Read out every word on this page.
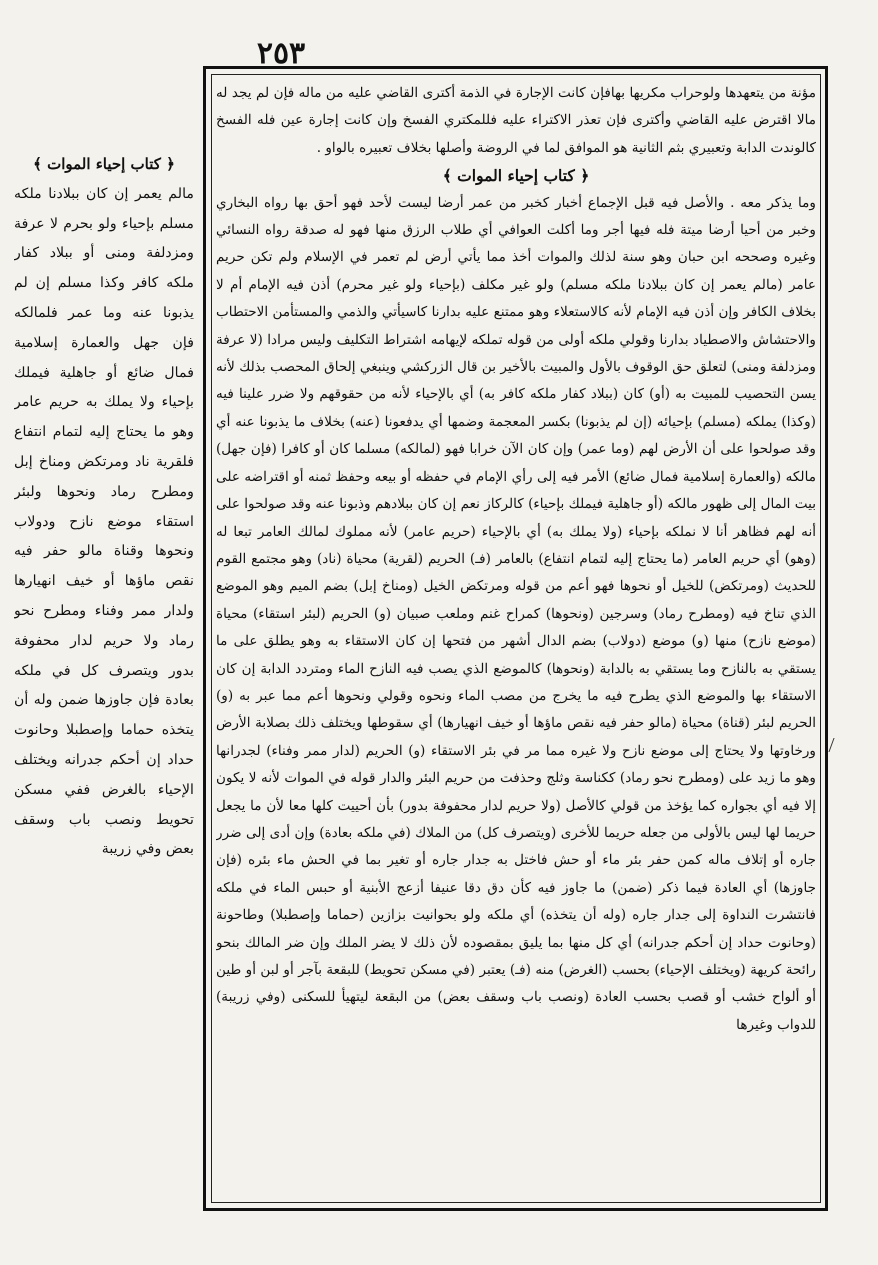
٢٥٣

﴿ كتاب إحياء الموات ﴾

مالم يعمر إن كان ببلادنا ملكه مسلم بإحياء ولو بحرم لا عرفة ومزدلفة ومنى أو ببلاد كفار ملكه كافر وكذا مسلم إن لم يذبونا عنه وما عمر فلمالكه فإن جهل والعمارة إسلامية فمال ضائع أو جاهلية فيملك بإحياء ولا يملك به حريم عامر وهو ما يحتاج إليه لتمام انتفاع فلقرية ناد ومرتكض ومناخ إبل ومطرح رماد ونحوها ولبئر استقاء موضع نازح ودولاب ونحوها وقناة مالو حفر فيه نقص ماؤها أو خيف انهيارها ولدار ممر وفناء ومطرح نحو رماد ولا حريم لدار محفوفة بدور ويتصرف كل في ملكه بعادة فإن جاوزها ضمن وله أن يتخذه حماما وإصطبلا وحانوت حداد إن أحكم جدرانه ويختلف الإحياء بالغرض ففي مسكن تحويط ونصب باب وسقف بعض وفي زريبة

مؤنة من يتعهدها ولوحراب مكريها بهافإن كانت الإجارة في الذمة أكترى القاضي عليه من ماله فإن لم يجد له مالا اقترض عليه القاضي وأكترى فإن تعذر الاكتراء عليه فللمكتري الفسخ وإن كانت إجارة عين فله الفسخ كالوندت الدابة وتعبيري بثم الثانية هو الموافق لما في الروضة وأصلها بخلاف تعبيره بالواو .

﴿ كتاب إحياء الموات ﴾

وما يذكر معه . والأصل فيه قبل الإجماع أخبار كخبر من عمر أرضا ليست لأحد فهو أحق بها رواه البخاري وخبر من أحيا أرضا ميتة فله فيها أجر وما أكلت العوافي أي طلاب الرزق منها فهو له صدقة رواه النسائي وغيره وصححه ابن حبان وهو سنة لذلك والموات أخذ مما يأتي أرض لم تعمر في الإسلام ولم تكن حريم عامر (مالم يعمر إن كان ببلادنا ملكه مسلم) ولو غير مكلف (بإحياء ولو غير محرم) أذن فيه الإمام أم لا بخلاف الكافر وإن أذن فيه الإمام لأنه كالاستعلاء وهو ممتنع عليه بدارنا كاسيأتي والذمي والمستأمن الاحتطاب والاحتشاش والاصطياد بدارنا وقولي ملكه أولى من قوله تملكه لإيهامه اشتراط التكليف وليس مرادا (لا عرفة ومزدلفة ومنى) لتعلق حق الوقوف بالأول والمبيت بالأخير بن قال الزركشي وينبغي إلحاق المحصب بذلك لأنه يسن التحصيب للمبيت به (أو) كان (ببلاد كفار ملكه كافر به) أي بالإحياء لأنه من حقوقهم ولا ضرر علينا فيه (وكذا) يملكه (مسلم) بإحيائه (إن لم يذبونا) بكسر المعجمة وضمها أي يدفعونا (عنه) بخلاف ما يذبونا عنه أي وقد صولحوا على أن الأرض لهم (وما عمر) وإن كان الآن خرابا فهو (لمالكه) مسلما كان أو كافرا (فإن جهل) مالكه (والعمارة إسلامية فمال ضائع) الأمر فيه إلى رأي الإمام في حفظه أو بيعه وحفظ ثمنه أو اقتراضه على بيت المال إلى ظهور مالكه (أو جاهلية فيملك بإحياء) كالركاز نعم إن كان ببلادهم وذبونا عنه وقد صولحوا على أنه لهم فظاهر أنا لا نملكه بإحياء (ولا يملك به) أي بالإحياء (حريم عامر) لأنه مملوك لمالك العامر تبعا له (وهو) أي حريم العامر (ما يحتاج إليه لتمام انتفاع) بالعامر (فـ) الحريم (لقرية) محياة (ناد) وهو مجتمع القوم للحديث (ومرتكض) للخيل أو نحوها فهو أعم من قوله ومرتكض الخيل (ومناخ إبل) بضم الميم وهو الموضع الذي تناخ فيه (ومطرح رماد) وسرجين (ونحوها) كمراح غنم وملعب صبيان (و) الحريم (لبئر استقاء) محياة (موضع نازح) منها (و) موضع (دولاب) بضم الدال أشهر من فتحها إن كان الاستقاء به وهو يطلق على ما يستقي به بالنازح وما يستقي به بالدابة (ونحوها) كالموضع الذي يصب فيه النازح الماء ومتردد الدابة إن كان الاستقاء بها والموضع الذي يطرح فيه ما يخرج من مصب الماء ونحوه وقولي ونحوها أعم مما عبر به (و) الحريم لبئر (قناة) محياة (مالو حفر فيه نقص ماؤها أو خيف انهيارها) أي سقوطها ويختلف ذلك بصلابة الأرض ورخاوتها ولا يحتاج إلى موضع نازح ولا غيره مما مر في بئر الاستقاء (و) الحريم (لدار ممر وفناء) لجدرانها وهو ما زيد على (ومطرح نحو رماد) ككناسة وثلج وحذفت من حريم البئر والدار قوله في الموات لأنه لا يكون إلا فيه أي بجواره كما يؤخذ من قولي كالأصل (ولا حريم لدار محفوفة بدور) بأن أحييت كلها معا لأن ما يجعل حريما لها ليس بالأولى من جعله حريما للأخرى (ويتصرف كل) من الملاك (في ملكه بعادة) وإن أدى إلى ضرر جاره أو إتلاف ماله كمن حفر بئر ماء أو حش فاختل به جدار جاره أو تغير بما في الحش ماء بئره (فإن جاوزها) أي العادة فيما ذكر (ضمن) ما جاوز فيه كأن دق دقا عنيفا أزعج الأبنية أو حبس الماء في ملكه فانتشرت النداوة إلى جدار جاره (وله أن يتخذه) أي ملكه ولو بحوانيت بزازين (حماما وإصطبلا) وطاحونة (وحانوت حداد إن أحكم جدرانه) أي كل منها بما يليق بمقصوده لأن ذلك لا يضر الملك وإن ضر المالك بنحو رائحة كريهة (ويختلف الإحياء) بحسب (الغرض) منه (فـ) يعتبر (في مسكن تحويط) للبقعة بآجر أو لبن أو طين أو ألواح خشب أو قصب بحسب العادة (ونصب باب وسقف بعض) من البقعة ليتهيأ للسكنى (وفي زريبة) للدواب وغيرها
